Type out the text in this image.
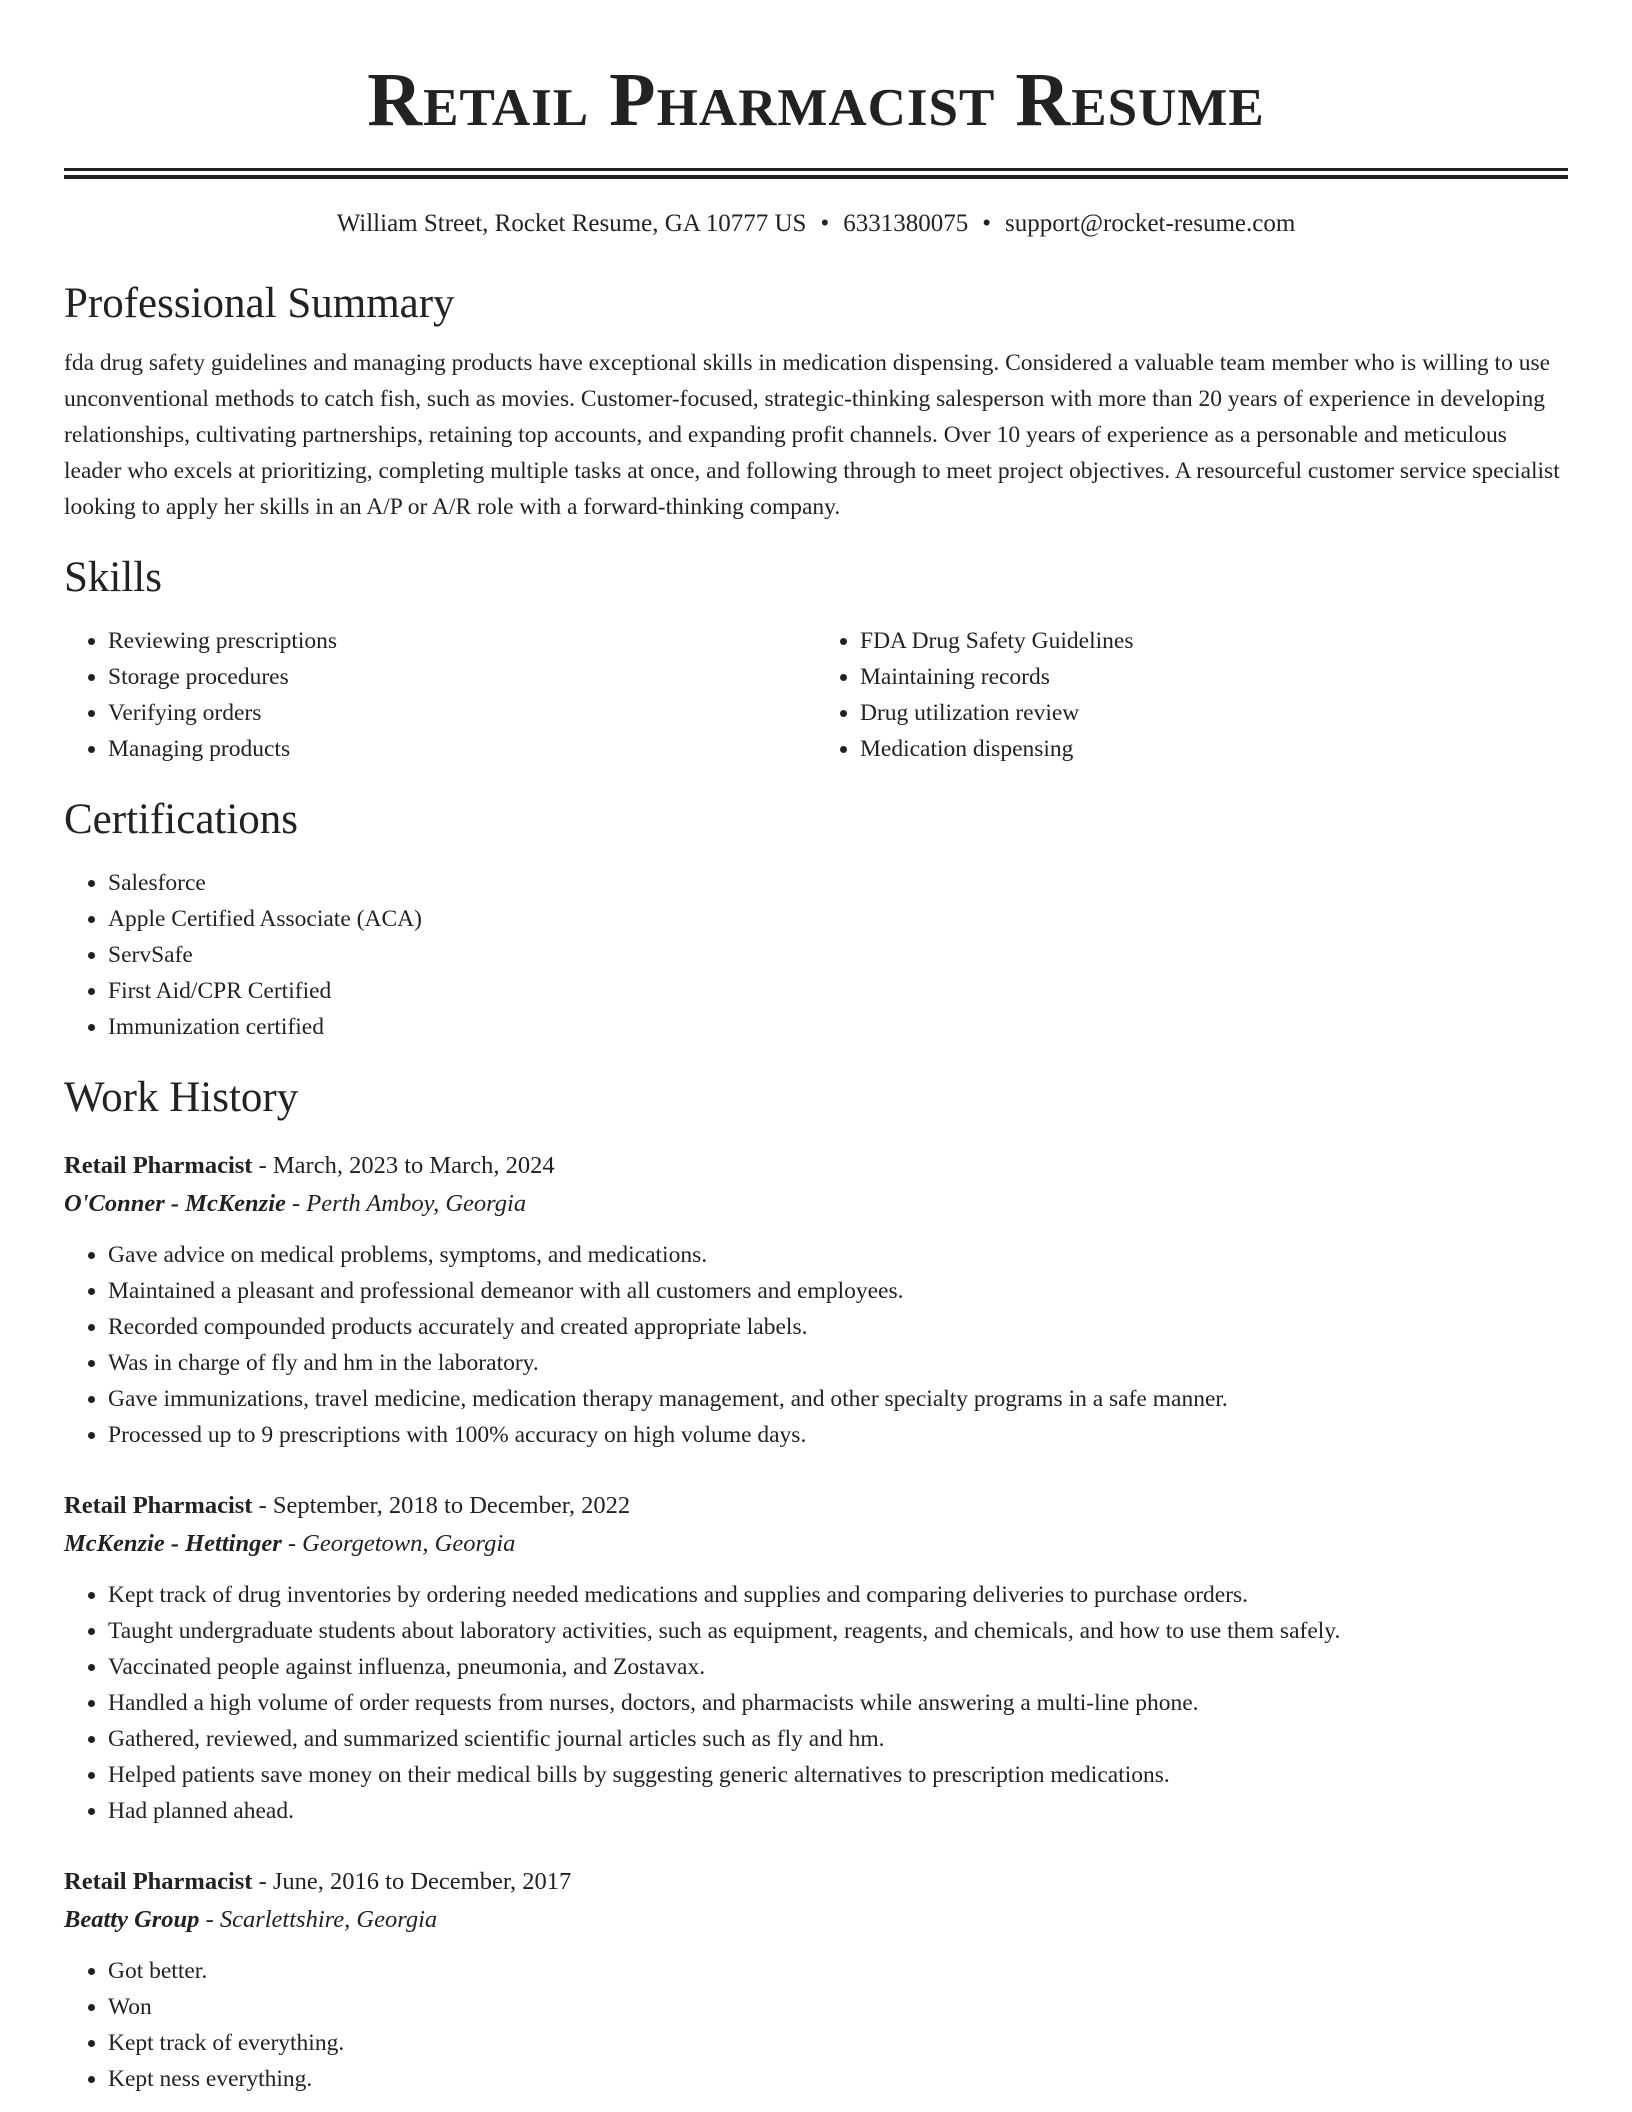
Retail Pharmacist Resume
William Street, Rocket Resume, GA 10777 US • 6331380075 • support@rocket-resume.com
Professional Summary

fda drug safety guidelines and managing products have exceptional skills in medication dispensing. Considered a valuable team member who is willing to use unconventional methods to catch fish, such as movies. Customer-focused, strategic-thinking salesperson with more than 20 years of experience in developing relationships, cultivating partnerships, retaining top accounts, and expanding profit channels. Over 10 years of experience as a personable and meticulous leader who excels at prioritizing, completing multiple tasks at once, and following through to meet project objectives. A resourceful customer service specialist looking to apply her skills in an A/P or A/R role with a forward-thinking company.

Skills
• Reviewing prescriptions
• Storage procedures
• Verifying orders
• Managing products
• FDA Drug Safety Guidelines
• Maintaining records
• Drug utilization review
• Medication dispensing
Certifications
• Salesforce
• Apple Certified Associate (ACA)
• ServSafe
• First Aid/CPR Certified
• Immunization certified
Work History
Retail Pharmacist - March, 2023 to March, 2024
O'Conner - McKenzie - Perth Amboy, Georgia
• Gave advice on medical problems, symptoms, and medications.
• Maintained a pleasant and professional demeanor with all customers and employees.
• Recorded compounded products accurately and created appropriate labels.
• Was in charge of fly and hm in the laboratory.
• Gave immunizations, travel medicine, medication therapy management, and other specialty programs in a safe manner.
• Processed up to 9 prescriptions with 100% accuracy on high volume days.
Retail Pharmacist - September, 2018 to December, 2022
McKenzie - Hettinger - Georgetown, Georgia
• Kept track of drug inventories by ordering needed medications and supplies and comparing deliveries to purchase orders.
• Taught undergraduate students about laboratory activities, such as equipment, reagents, and chemicals, and how to use them safely.
• Vaccinated people against influenza, pneumonia, and Zostavax.
• Handled a high volume of order requests from nurses, doctors, and pharmacists while answering a multi-line phone.
• Gathered, reviewed, and summarized scientific journal articles such as fly and hm.
• Helped patients save money on their medical bills by suggesting generic alternatives to prescription medications.
• Had planned ahead.
Retail Pharmacist - June, 2016 to December, 2017
Beatty Group - Scarlettshire, Georgia
• Got better.
• Won
• Kept track of everything.
• Kept ness everything.
